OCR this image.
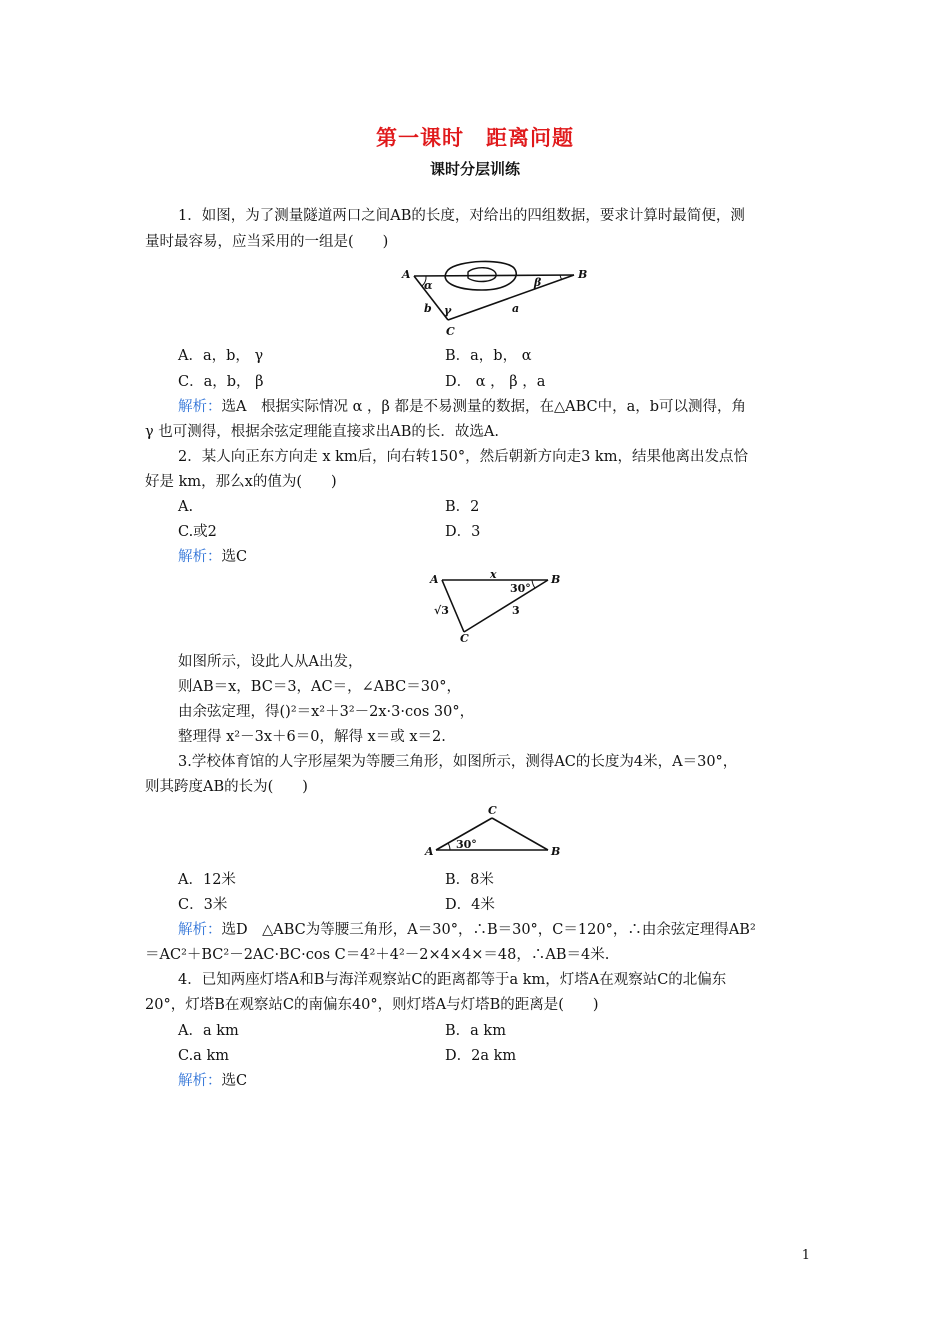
第一课时　距离问题
课时分层训练
1．如图，为了测量隧道两口之间AB的长度，对给出的四组数据，要求计算时最简便，测
量时最容易，应当采用的一组是(　　)
A	B
C
α	β
γ	a
b
A．a，b， γ	B．a，b， α
C．a，b， β	D． α ， β ，a
解析：选A　根据实际情况 α ，β 都是不易测量的数据，在△ABC中，a，b可以测得，角
γ 也可测得，根据余弦定理能直接求出AB的长．故选A.
2．某人向正东方向走 x km后，向右转150°，然后朝新方向走3 km，结果他离出发点恰
好是 km，那么x的值为(　　)
A.	B．2
C.或2	D．3
解析：选C
A	B
C
x
30°
3
√3
如图所示，设此人从A出发，
则AB＝x，BC＝3，AC＝，∠ABC＝30°，
由余弦定理，得()²＝x²＋3²－2x·3·cos 30°，
整理得 x²－3x＋6＝0，解得 x＝或 x＝2.
3.学校体育馆的人字形屋架为等腰三角形，如图所示，测得AC的长度为4米，A＝30°，
则其跨度AB的长为(　　)
A	B
C
30°
A．12米	B．8米
C．3米	D．4米
解析：选D　△ABC为等腰三角形，A＝30°，∴B＝30°，C＝120°，∴由余弦定理得AB²
＝AC²＋BC²－2AC·BC·cos C＝4²＋4²－2×4×4×＝48，∴AB＝4米.
4．已知两座灯塔A和B与海洋观察站C的距离都等于a km，灯塔A在观察站C的北偏东
20°，灯塔B在观察站C的南偏东40°，则灯塔A与灯塔B的距离是(　　)
A．a km	B．a km
C.a km	D．2a km
解析：选C
1
